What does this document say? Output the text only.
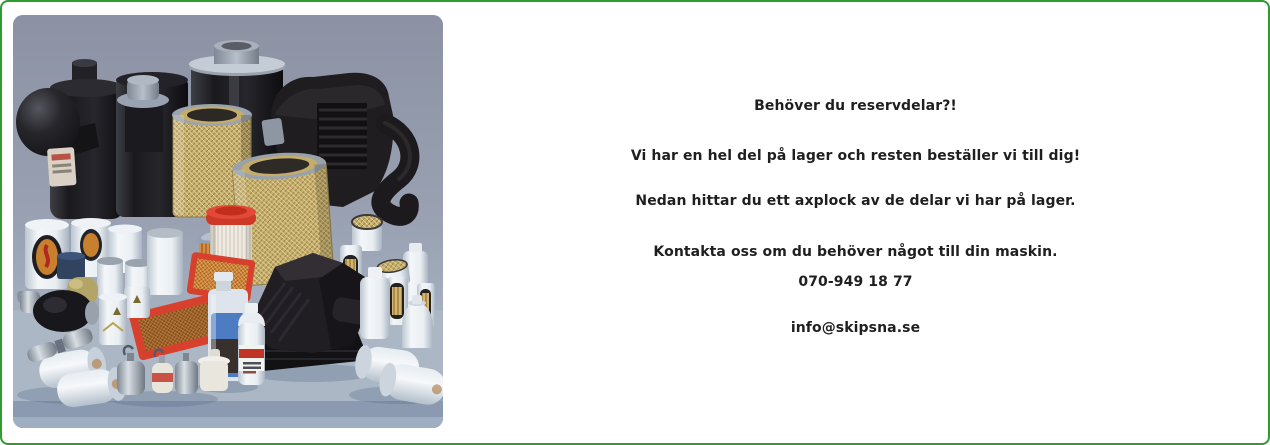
Behöver du reservdelar?!

Vi har en hel del på lager och resten beställer vi till dig!

Nedan hittar du ett axplock av de delar vi har på lager.

Kontakta oss om du behöver något till din maskin.

070-949 18 77

info@skipsna.se
